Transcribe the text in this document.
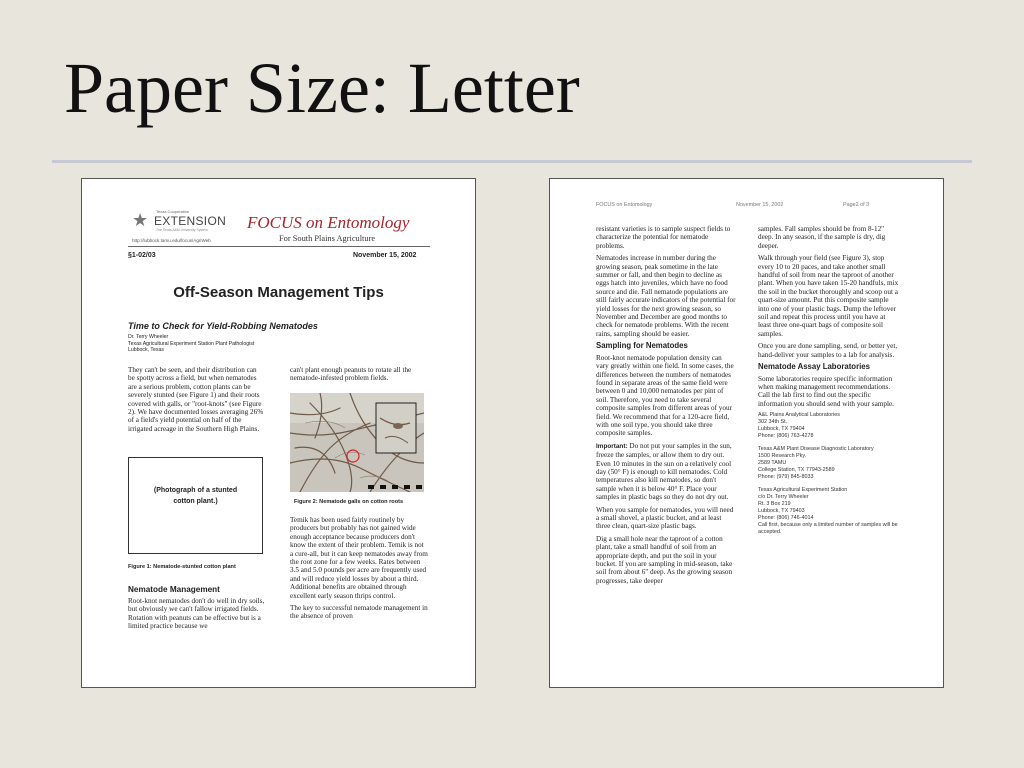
Paper Size: Letter
★	Texas Cooperative
EXTENSION
The Texas A&M University System
http://lubbock.tamu.edu/focus/AgriWeb
FOCUS on Entomology
For South Plains Agriculture
§1-02/03	November 15, 2002
Off-Season Management Tips
Time to Check for Yield-Robbing Nematodes
Dr. Terry Wheeler
Texas Agricultural Experiment Station Plant Pathologist
Lubbock, Texas

They can't be seen, and their distribution can be spotty across a field, but when nematodes are a serious problem, cotton plants can be severely stunted (see Figure 1) and their roots covered with galls, or "root-knots" (see Figure 2). We have documented losses averaging 26% of a field's yield potential on half of the irrigated acreage in the Southern High Plains.

(Photograph of a stunted
cotton plant.)
Figure 1: Nematode-stunted cotton plant
Nematode Management

Root-knot nematodes don't do well in dry soils, but obviously we can't fallow irrigated fields. Rotation with peanuts can be effective but is a limited practice because we

can't plant enough peanuts to rotate all the nematode-infested problem fields.

Figure 2: Nematode galls on cotton roots

Temik has been used fairly routinely by producers but probably has not gained wide enough acceptance because producers don't know the extent of their problem. Temik is not a cure-all, but it can keep nematodes away from the root zone for a few weeks. Rates between 3.5 and 5.0 pounds per acre are frequently used and will reduce yield losses by about a third. Additional benefits are obtained through excellent early season thrips control.

The key to successful nematode management in the absence of proven

FOCUS on Entomology	November 15, 2002	Page2 of 3

resistant varieties is to sample suspect fields to characterize the potential for nematode problems.

Nematodes increase in number during the growing season, peak sometime in the late summer or fall, and then begin to decline as eggs hatch into juveniles, which have no food source and die. Fall nematode populations are still fairly accurate indicators of the potential for yield losses for the next growing season, so November and December are good months to check for nematode problems. With the recent rains, sampling should be easier.

Sampling for Nematodes

Root-knot nematode population density can vary greatly within one field. In some cases, the differences between the numbers of nematodes found in separate areas of the same field were between 0 and 10,000 nematodes per pint of soil. Therefore, you need to take several composite samples from different areas of your field. We recommend that for a 120-acre field, with one soil type, you should take three composite samples.

Important: Do not put your samples in the sun, freeze the samples, or allow them to dry out. Even 10 minutes in the sun on a relatively cool day (50° F) is enough to kill nematodes. Cold temperatures also kill nematodes, so don't sample when it is below 40° F. Place your samples in plastic bags so they do not dry out.

When you sample for nematodes, you will need a small shovel, a plastic bucket, and at least three clean, quart-size plastic bags.

Dig a small hole near the taproot of a cotton plant, take a small handful of soil from an appropriate depth, and put the soil in your bucket. If you are sampling in mid-season, take soil from about 6" deep. As the growing season progresses, take deeper

samples. Fall samples should be from 8-12" deep. In any season, if the sample is dry, dig deeper.

Walk through your field (see Figure 3), stop every 10 to 20 paces, and take another small handful of soil from near the taproot of another plant. When you have taken 15-20 handfuls, mix the soil in the bucket thoroughly and scoop out a quart-size amount. Put this composite sample into one of your plastic bags. Dump the leftover soil and repeat this process until you have at least three one-quart bags of composite soil samples.

Once you are done sampling, send, or better yet, hand-deliver your samples to a lab for analysis.

Nematode Assay Laboratories

Some laboratories require specific information when making management recommendations. Call the lab first to find out the specific information you should send with your sample.

A&L Plains Analytical Laboratories
302 34th St.
Lubbock, TX 79404
Phone: (806) 763-4278
Texas A&M Plant Disease Diagnostic Laboratory
1500 Research Pky.
2589 TAMU
College Station, TX 77943-2589
Phone: (979) 845-8033
Texas Agricultural Experiment Station
c/o Dr. Terry Wheeler
Rt. 3 Box 219
Lubbock, TX 79403
Phone: (806) 746-4014
Call first, because only a limited number of samples will be accepted.
